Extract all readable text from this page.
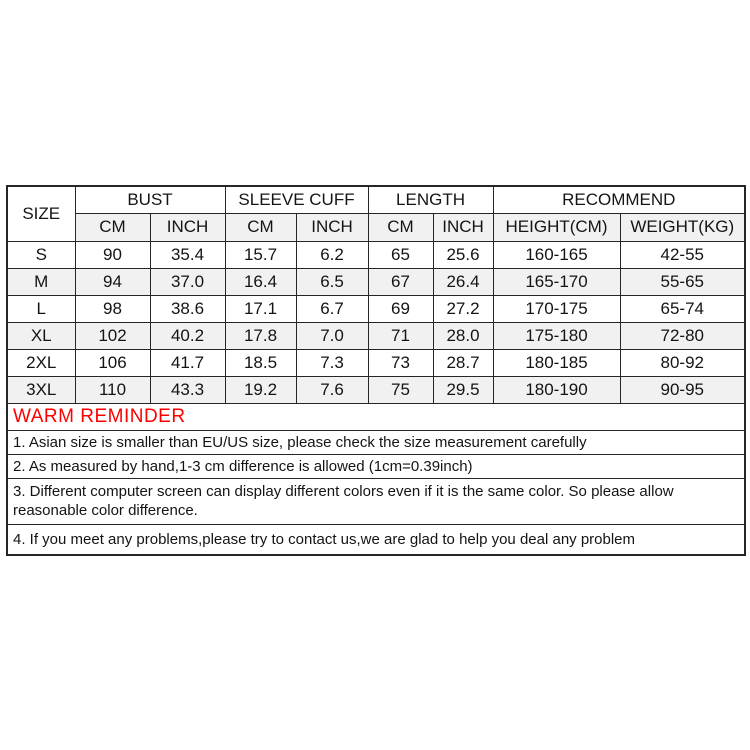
SIZE	BUST		SLEEVE CUFF		LENGTH		RECOMMEND	
	CM	INCH	CM	INCH	CM	INCH	HEIGHT(CM)	WEIGHT(KG)
S	90	35.4	15.7	6.2	65	25.6	160-165	42-55
M	94	37.0	16.4	6.5	67	26.4	165-170	55-65
L	98	38.6	17.1	6.7	69	27.2	170-175	65-74
XL	102	40.2	17.8	7.0	71	28.0	175-180	72-80
2XL	106	41.7	18.5	7.3	73	28.7	180-185	80-92
3XL	110	43.3	19.2	7.6	75	29.5	180-190	90-95
WARM REMINDER								
1. Asian size is smaller than EU/US size, please check the size measurement carefully								
2. As measured by hand,1-3 cm difference is allowed (1cm=0.39inch)								
3. Different computer screen can display different colors even if it is the same color. So please allow reasonable color difference.								
4. If you meet any problems,please try to contact us,we are glad to help you deal any problem								
